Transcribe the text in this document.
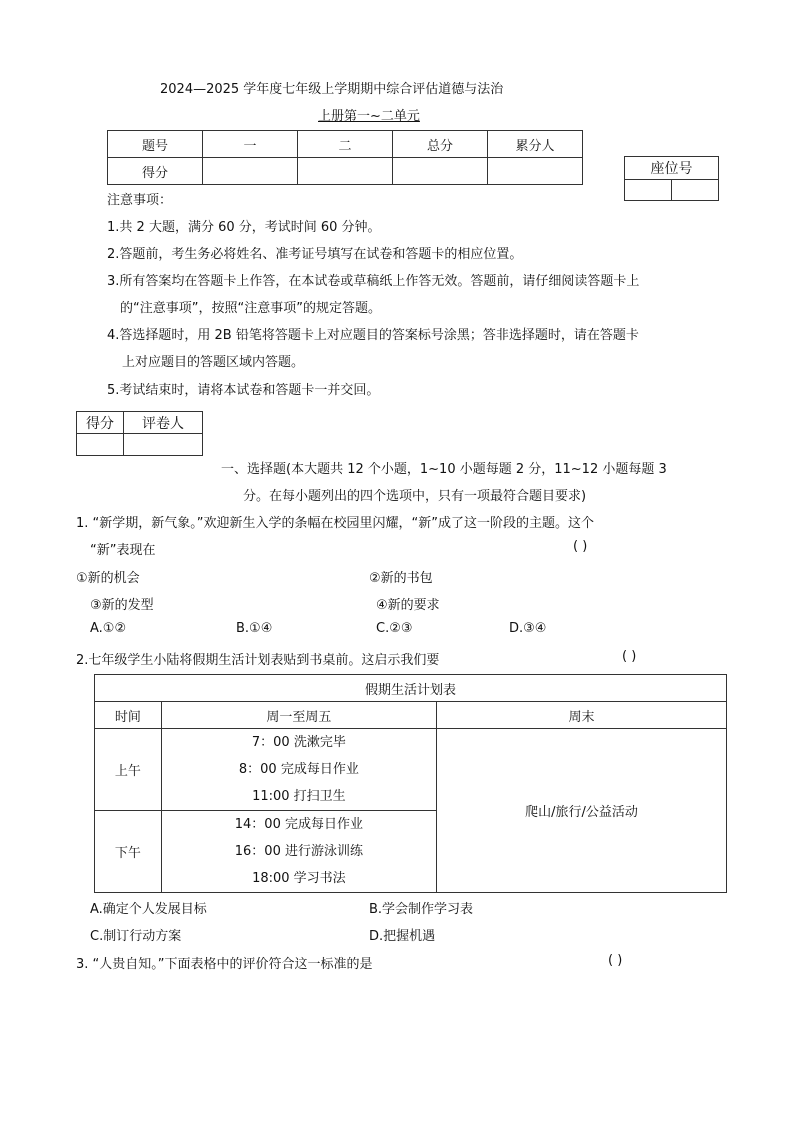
2024—2025 学年度七年级上学期期中综合评估道德与法治
上册第一~二单元
题号	一	二	总分	累分人
得分					座位号

注意事项：
1.共 2 大题，满分 60 分，考试时间 60 分钟。
2.答题前，考生务必将姓名、准考证号填写在试卷和答题卡的相应位置。
3.所有答案均在答题卡上作答，在本试卷或草稿纸上作答无效。答题前，请仔细阅读答题卡上
的“注意事项”，按照“注意事项”的规定答题。
4.答选择题时，用 2B 铅笔将答题卡上对应题目的答案标号涂黑；答非选择题时，请在答题卡
上对应题目的答题区域内答题。
5.考试结束时，请将本试卷和答题卡一并交回。
得分	评卷人

一、选择题(本大题共 12 个小题，1~10 小题每题 2 分，11~12 小题每题 3
分。在每小题列出的四个选项中，只有一项最符合题目要求)
1. “新学期，新气象。”欢迎新生入学的条幅在校园里闪耀，“新”成了这一阶段的主题。这个
“新”表现在	( )
①新的机会	②新的书包
③新的发型	④新的要求
A.①②	B.①④	C.②③	D.③④
2.七年级学生小陆将假期生活计划表贴到书桌前。这启示我们要	( )
假期生活计划表		
时间	周一至周五	周末
上午	7：00 洗漱完毕
8：00 完成每日作业
11:00 打扫卫生	爬山/旅行/公益活动
下午	14：00 完成每日作业
16：00 进行游泳训练
18:00 学习书法	
A.确定个人发展目标	B.学会制作学习表
C.制订行动方案	D.把握机遇
3. “人贵自知。”下面表格中的评价符合这一标准的是	( )
